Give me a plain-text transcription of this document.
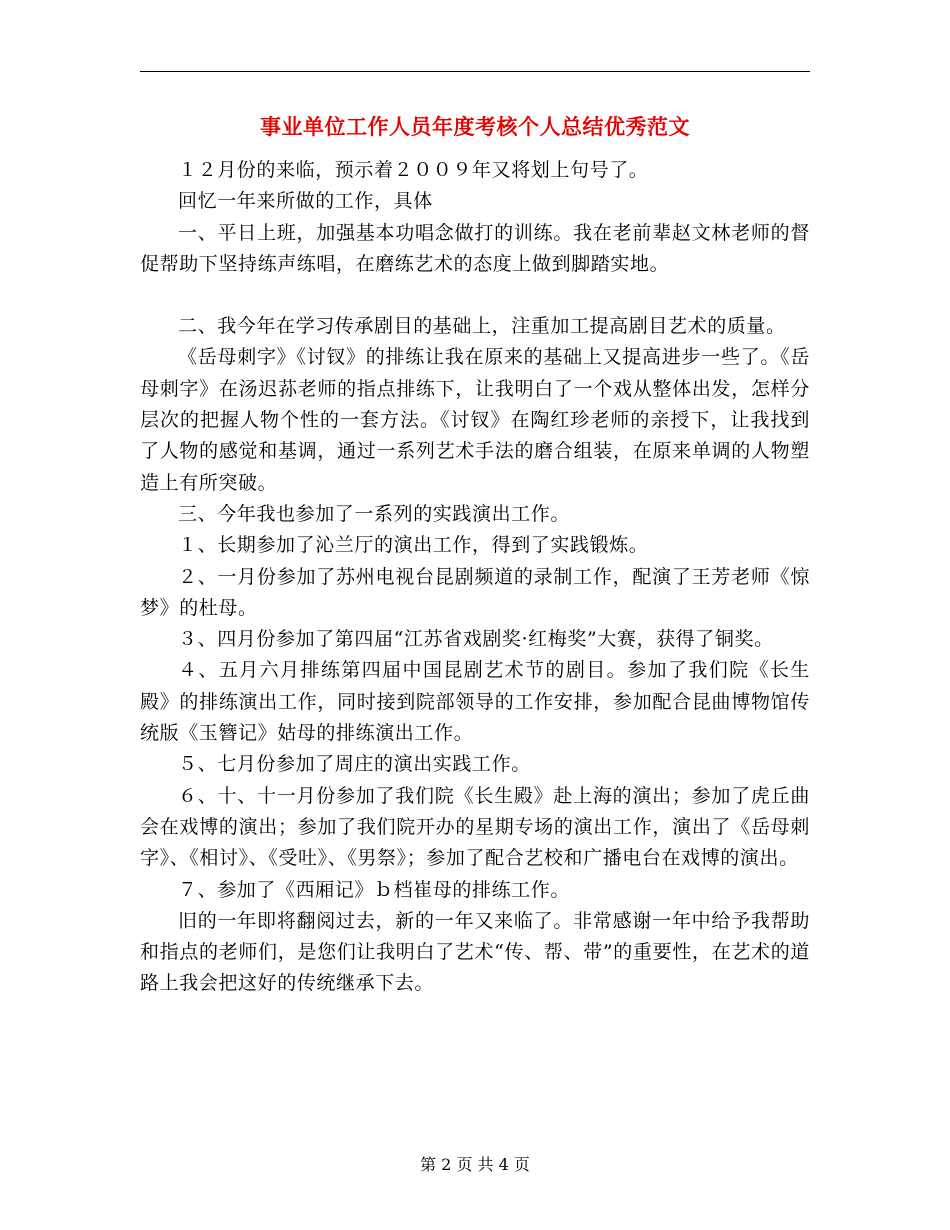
事业单位工作人员年度考核个人总结优秀范文

１２月份的来临，预示着２００９年又将划上句号了。

回忆一年来所做的工作，具体

一、平日上班，加强基本功唱念做打的训练。我在老前辈赵文林老师的督促帮助下坚持练声练唱，在磨练艺术的态度上做到脚踏实地。

二、我今年在学习传承剧目的基础上，注重加工提高剧目艺术的质量。

《岳母刺字》《讨钗》的排练让我在原来的基础上又提高进步一些了。《岳母刺字》在汤迟荪老师的指点排练下，让我明白了一个戏从整体出发，怎样分层次的把握人物个性的一套方法。《讨钗》在陶红珍老师的亲授下，让我找到了人物的感觉和基调，通过一系列艺术手法的磨合组装，在原来单调的人物塑造上有所突破。

三、今年我也参加了一系列的实践演出工作。

１、长期参加了沁兰厅的演出工作，得到了实践锻炼。

２、一月份参加了苏州电视台昆剧频道的录制工作，配演了王芳老师《惊梦》的杜母。

３、四月份参加了第四届“江苏省戏剧奖·红梅奖”大赛，获得了铜奖。

４、五月六月排练第四届中国昆剧艺术节的剧目。参加了我们院《长生殿》的排练演出工作，同时接到院部领导的工作安排，参加配合昆曲博物馆传统版《玉簪记》姑母的排练演出工作。

５、七月份参加了周庄的演出实践工作。

６、十、十一月份参加了我们院《长生殿》赴上海的演出；参加了虎丘曲会在戏博的演出；参加了我们院开办的星期专场的演出工作，演出了《岳母刺字》、《相讨》、《受吐》、《男祭》；参加了配合艺校和广播电台在戏博的演出。

７、参加了《西厢记》ｂ档崔母的排练工作。

旧的一年即将翻阅过去，新的一年又来临了。非常感谢一年中给予我帮助和指点的老师们，是您们让我明白了艺术“传、帮、带”的重要性，在艺术的道路上我会把这好的传统继承下去。

第 2 页 共 4 页
